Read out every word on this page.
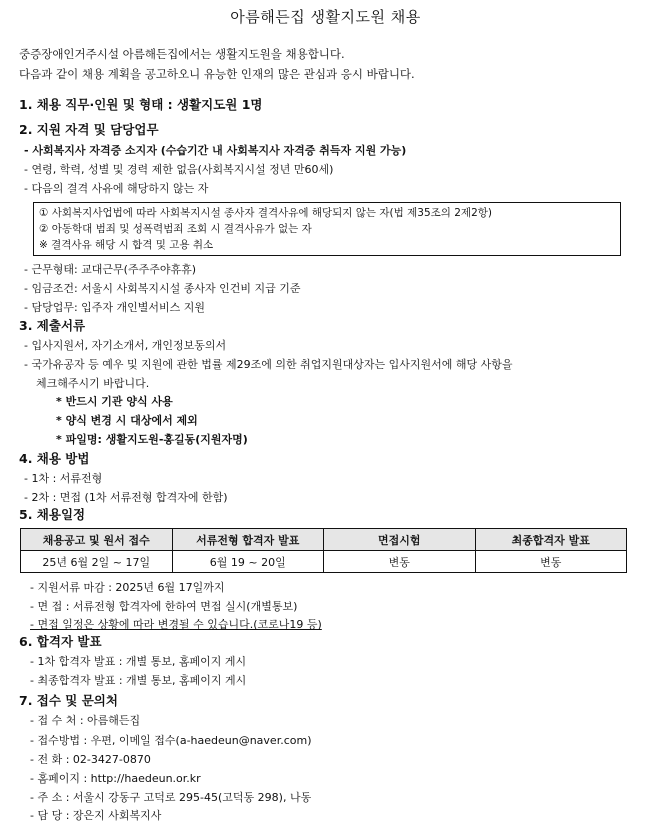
아름해든집 생활지도원 채용
중증장애인거주시설 아름해든집에서는 생활지도원을 채용합니다.
다음과 같이 채용 계획을 공고하오니 유능한 인재의 많은 관심과 응시 바랍니다.
1. 채용 직무·인원 및 형태 : 생활지도원 1명
2. 지원 자격 및 담당업무
- 사회복지사 자격증 소지자 (수습기간 내 사회복지사 자격증 취득자 지원 가능)
- 연령, 학력, 성별 및 경력 제한 없음(사회복지시설 정년 만60세)
- 다음의 결격 사유에 해당하지 않는 자
① 사회복지사업법에 따라 사회복지시설 종사자 결격사유에 해당되지 않는 자(법 제35조의 2제2항)
② 아동학대 범죄 및 성폭력범죄 조회 시 결격사유가 없는 자
※ 결격사유 해당 시 합격 및 고용 취소
- 근무형태: 교대근무(주주주야휴휴)
- 임금조건: 서울시 사회복지시설 종사자 인건비 지급 기준
- 담당업무: 입주자 개인별서비스 지원
3. 제출서류
- 입사지원서, 자기소개서, 개인정보동의서
- 국가유공자 등 예우 및 지원에 관한 법률 제29조에 의한 취업지원대상자는 입사지원서에 해당 사항을
체크해주시기 바랍니다.
* 반드시 기관 양식 사용
* 양식 변경 시 대상에서 제외
* 파일명: 생활지도원-홍길동(지원자명)
4. 채용 방법
- 1차 : 서류전형
- 2차 : 면접 (1차 서류전형 합격자에 한함)
5. 채용일정
채용공고 및 원서 접수	서류전형 합격자 발표	면접시험	최종합격자 발표
25년 6월 2일 ~ 17일	6월 19 ~ 20일	변동	변동
- 지원서류 마감 : 2025년 6월 17일까지
- 면 접 : 서류전형 합격자에 한하여 면접 실시(개별통보)
- 면접 일정은 상황에 따라 변경될 수 있습니다.(코로나19 등)
6. 합격자 발표
- 1차 합격자 발표 : 개별 통보, 홈페이지 게시
- 최종합격자 발표 : 개별 통보, 홈페이지 게시
7. 접수 및 문의처
- 접 수 처 : 아름해든집
- 접수방법 : 우편, 이메일 접수(a-haedeun@naver.com)
- 전 화 : 02-3427-0870
- 홈페이지 : http://haedeun.or.kr
- 주 소 : 서울시 강동구 고덕로 295-45(고덕동 298), 나동
- 담 당 : 장은지 사회복지사
